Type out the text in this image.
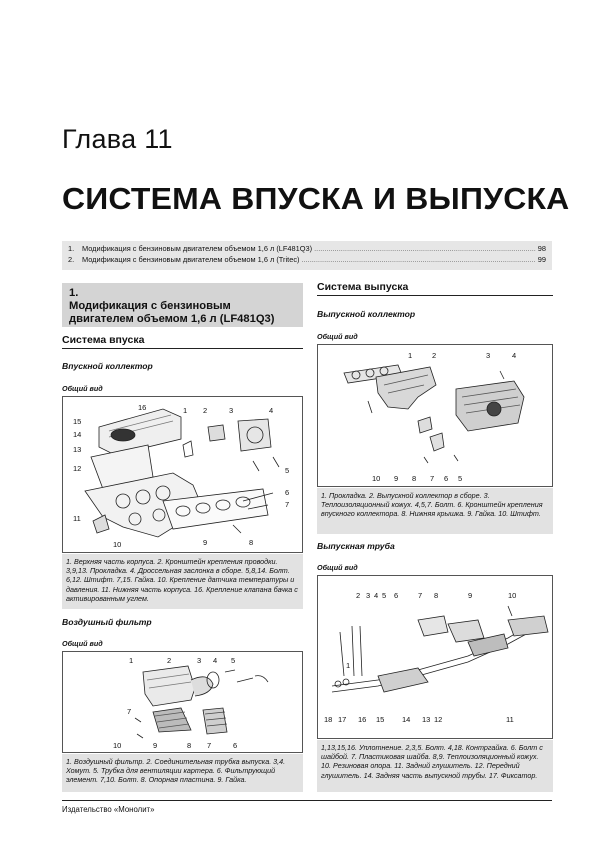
Глава 11
СИСТЕМА ВПУСКА И ВЫПУСКА
1.	Модификация с бензиновым двигателем объемом 1,6 л (LF481Q3) .....	98
2.	Модификация с бензиновым двигателем объемом 1,6 л (Tritec) .....	99
1.Модификация с бензиновым двигателем объемом 1,6 л (LF481Q3)
Система впуска
Впускной коллектор
Общий вид
15
14
16	1 2	3	4
13
5
12
6
11
7
10	9	8
1. Верхняя часть корпуса. 2. Кронштейн крепления проводки. 3,9,13. Прокладка. 4. Дроссельная заслонка в сборе. 5,8,14. Болт. 6,12. Штифт. 7,15. Гайка. 10. Крепление датчика температуры и давления. 11. Нижняя часть корпуса. 16. Крепление клапана бачка с активированным углем.
Воздушный фильтр
Общий вид
1	2	3 4 5
7
9
10	8 7	6
1. Воздушный фильтр. 2. Соединительная трубка выпуска. 3,4. Хомут. 5. Трубка для вентиляции картера. 6. Фильтрующий элемент. 7,10. Болт. 8. Опорная пластина. 9. Гайка.
Система выпуска
Выпускной коллектор
Общий вид
1	2	3	4
10 9 8 7 6 5
1. Прокладка. 2. Выпускной коллектор в сборе. 3. Теплоизоляционный кожух. 4,5,7. Болт. 6. Кронштейн крепления впускного коллектора. 8. Нижняя крышка. 9. Гайка. 10. Штифт.
Выпускная труба
Общий вид
2 3 4 5 6	7 8	9	10
1
18 17 16 15 14 13 12	11
1,13,15,16. Уплотнение. 2,3,5. Болт. 4,18. Контргайка. 6. Болт с шайбой. 7. Пластиковая шайба. 8,9. Теплоизоляционный кожух. 10. Резиновая опора. 11. Задний глушитель. 12. Передний глушитель. 14. Задняя часть выпускной трубы. 17. Фиксатор.
Издательство «Монолит»
